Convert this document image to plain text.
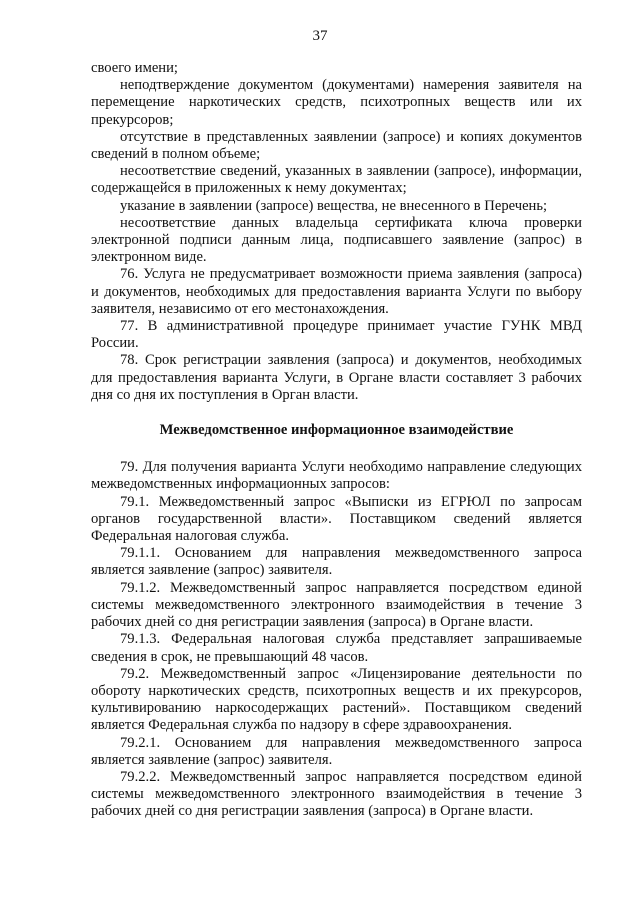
37

своего имени;

неподтверждение документом (документами) намерения заявителя на перемещение наркотических средств, психотропных веществ или их прекурсоров;

отсутствие в представленных заявлении (запросе) и копиях документов сведений в полном объеме;

несоответствие сведений, указанных в заявлении (запросе), информации, содержащейся в приложенных к нему документах;

указание в заявлении (запросе) вещества, не внесенного в Перечень;

несоответствие данных владельца сертификата ключа проверки электронной подписи данным лица, подписавшего заявление (запрос) в электронном виде.

76. Услуга не предусматривает возможности приема заявления (запроса) и документов, необходимых для предоставления варианта Услуги по выбору заявителя, независимо от его местонахождения.

77. В административной процедуре принимает участие ГУНК МВД России.

78. Срок регистрации заявления (запроса) и документов, необходимых для предоставления варианта Услуги, в Органе власти составляет 3 рабочих дня со дня их поступления в Орган власти.

Межведомственное информационное взаимодействие

79. Для получения варианта Услуги необходимо направление следующих межведомственных информационных запросов:

79.1. Межведомственный запрос «Выписки из ЕГРЮЛ по запросам органов государственной власти». Поставщиком сведений является Федеральная налоговая служба.

79.1.1. Основанием для направления межведомственного запроса является заявление (запрос) заявителя.

79.1.2. Межведомственный запрос направляется посредством единой системы межведомственного электронного взаимодействия в течение 3 рабочих дней со дня регистрации заявления (запроса) в Органе власти.

79.1.3. Федеральная налоговая служба представляет запрашиваемые сведения в срок, не превышающий 48 часов.

79.2. Межведомственный запрос «Лицензирование деятельности по обороту наркотических средств, психотропных веществ и их прекурсоров, культивированию наркосодержащих растений». Поставщиком сведений является Федеральная служба по надзору в сфере здравоохранения.

79.2.1. Основанием для направления межведомственного запроса является заявление (запрос) заявителя.

79.2.2. Межведомственный запрос направляется посредством единой системы межведомственного электронного взаимодействия в течение 3 рабочих дней со дня регистрации заявления (запроса) в Органе власти.
